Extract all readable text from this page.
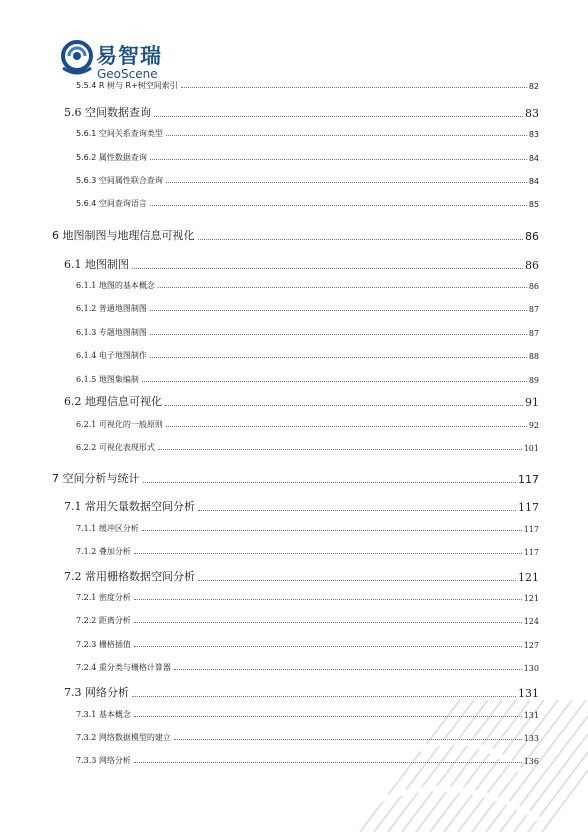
易智瑞
GeoScene
5.5.4 R 树与 R+树空间索引	82
5.6 空间数据查询	83
5.6.1 空间关系查询类型	83
5.6.2 属性数据查询	84
5.6.3 空间属性联合查询	84
5.6.4 空间查询语言	85
6 地图制图与地理信息可视化	86
6.1 地图制图	86
6.1.1 地图的基本概念	86
6.1.2 普通地图制图	87
6.1.3 专题地图制图	87
6.1.4 电子地图制作	88
6.1.5 地图集编制	89
6.2 地理信息可视化	91
6.2.1 可视化的一般原则	92
6.2.2 可视化表现形式	101
7 空间分析与统计	117
7.1 常用矢量数据空间分析	117
7.1.1 缓冲区分析	117
7.1.2 叠加分析	117
7.2 常用栅格数据空间分析	121
7.2.1 密度分析	121
7.2.2 距离分析	124
7.2.3 栅格插值	127
7.2.4 重分类与栅格计算器	130
7.3 网络分析	131
7.3.1 基本概念	131
7.3.2 网络数据模型的建立	133
7.3.3 网络分析	136
